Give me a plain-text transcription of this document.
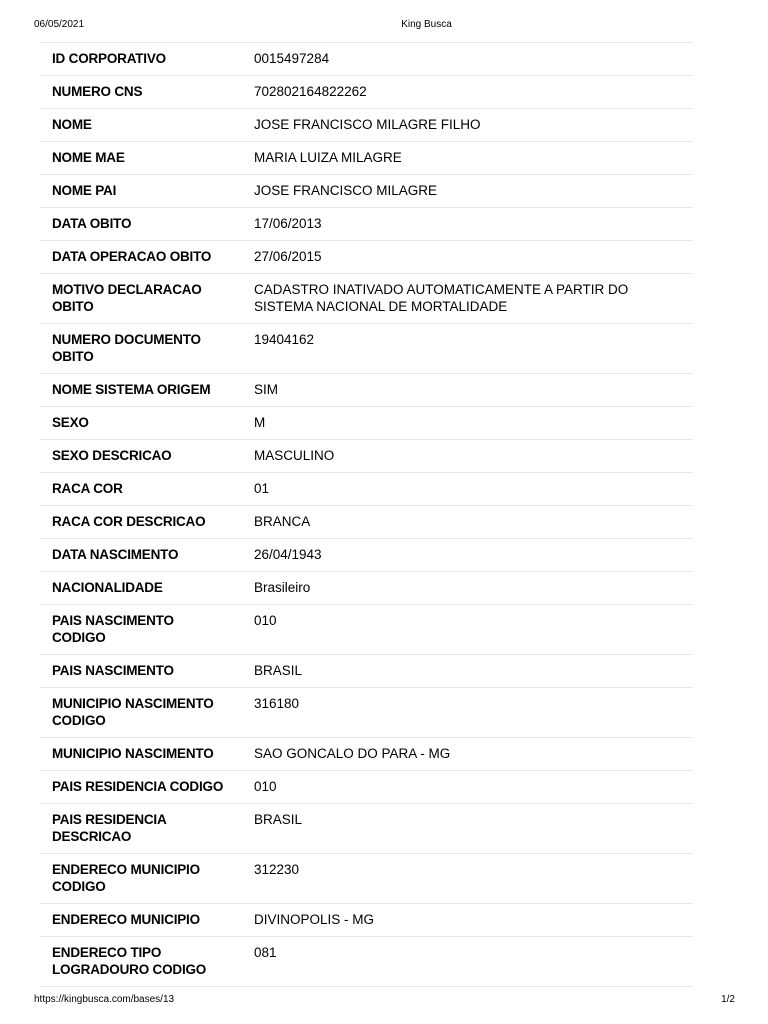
06/05/2021	King Busca
ID CORPORATIVO	0015497284
NUMERO CNS	702802164822262
NOME	JOSE FRANCISCO MILAGRE FILHO
NOME MAE	MARIA LUIZA MILAGRE
NOME PAI	JOSE FRANCISCO MILAGRE
DATA OBITO	17/06/2013
DATA OPERACAO OBITO	27/06/2015
MOTIVO DECLARACAO OBITO	CADASTRO INATIVADO AUTOMATICAMENTE A PARTIR DO SISTEMA NACIONAL DE MORTALIDADE
NUMERO DOCUMENTO OBITO	19404162
NOME SISTEMA ORIGEM	SIM
SEXO	M
SEXO DESCRICAO	MASCULINO
RACA COR	01
RACA COR DESCRICAO	BRANCA
DATA NASCIMENTO	26/04/1943
NACIONALIDADE	Brasileiro
PAIS NASCIMENTO CODIGO	010
PAIS NASCIMENTO	BRASIL
MUNICIPIO NASCIMENTO CODIGO	316180
MUNICIPIO NASCIMENTO	SAO GONCALO DO PARA - MG
PAIS RESIDENCIA CODIGO	010
PAIS RESIDENCIA DESCRICAO	BRASIL
ENDERECO MUNICIPIO CODIGO	312230
ENDERECO MUNICIPIO	DIVINOPOLIS - MG
ENDERECO TIPO LOGRADOURO CODIGO	081
https://kingbusca.com/bases/13	1/2
